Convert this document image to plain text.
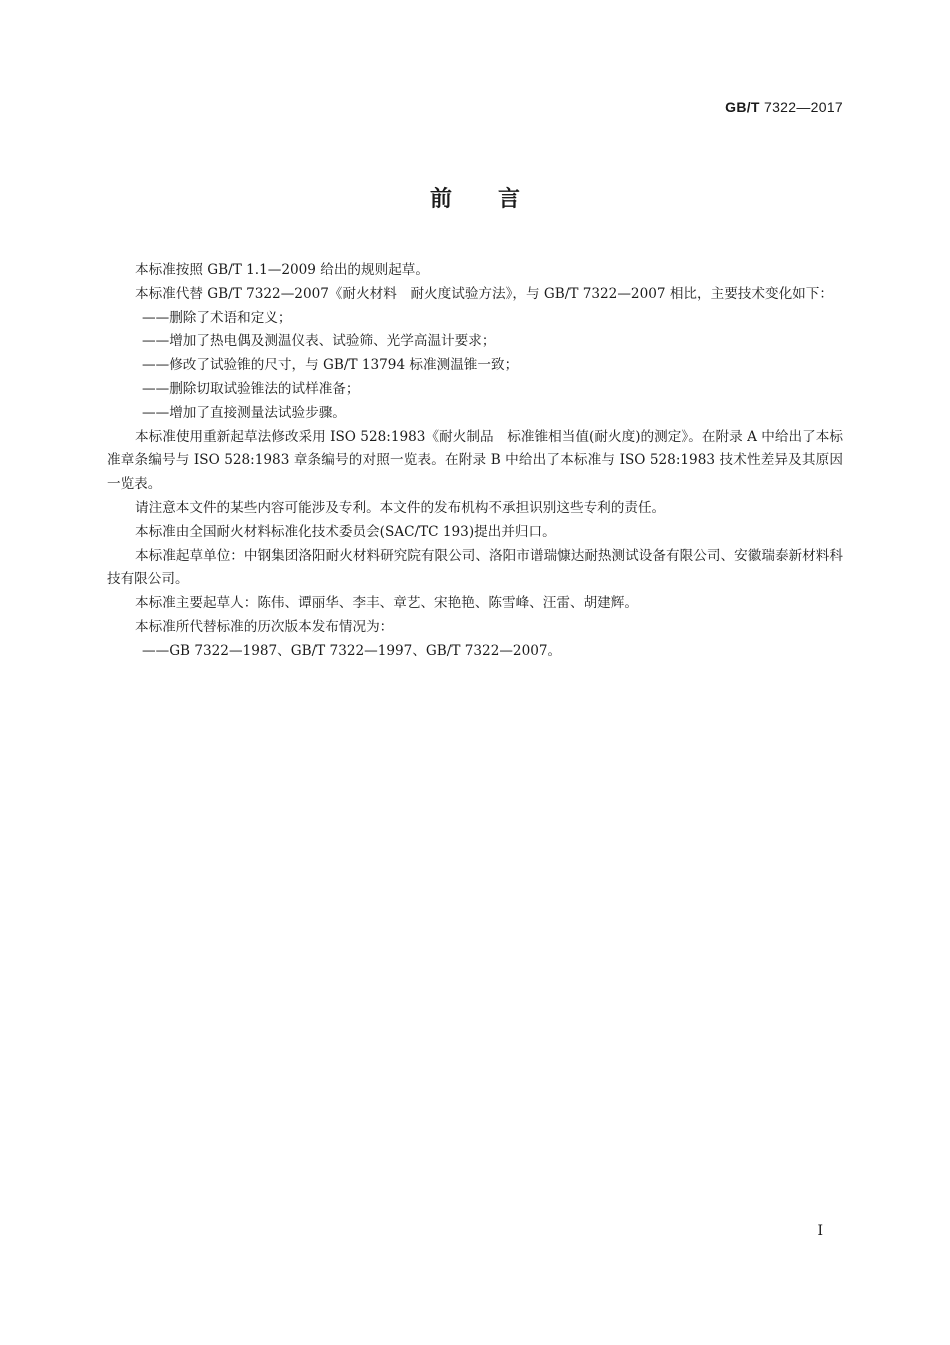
GB/T 7322—2017
前言

本标准按照 GB/T 1.1—2009 给出的规则起草。

本标准代替 GB/T 7322—2007《耐火材料　耐火度试验方法》，与 GB/T 7322—2007 相比，主要技术变化如下：

——删除了术语和定义；

——增加了热电偶及测温仪表、试验筛、光学高温计要求；

——修改了试验锥的尺寸，与 GB/T 13794 标准测温锥一致；

——删除切取试验锥法的试样准备；

——增加了直接测量法试验步骤。

本标准使用重新起草法修改采用 ISO 528:1983《耐火制品　标准锥相当值(耐火度)的测定》。在附录 A 中给出了本标准章条编号与 ISO 528:1983 章条编号的对照一览表。在附录 B 中给出了本标准与 ISO 528:1983 技术性差异及其原因一览表。

请注意本文件的某些内容可能涉及专利。本文件的发布机构不承担识别这些专利的责任。

本标准由全国耐火材料标准化技术委员会(SAC/TC 193)提出并归口。

本标准起草单位：中钢集团洛阳耐火材料研究院有限公司、洛阳市谱瑞慷达耐热测试设备有限公司、安徽瑞泰新材料科技有限公司。

本标准主要起草人：陈伟、谭丽华、李丰、章艺、宋艳艳、陈雪峰、汪雷、胡建辉。

本标准所代替标准的历次版本发布情况为：

——GB 7322—1987、GB/T 7322—1997、GB/T 7322—2007。

I
